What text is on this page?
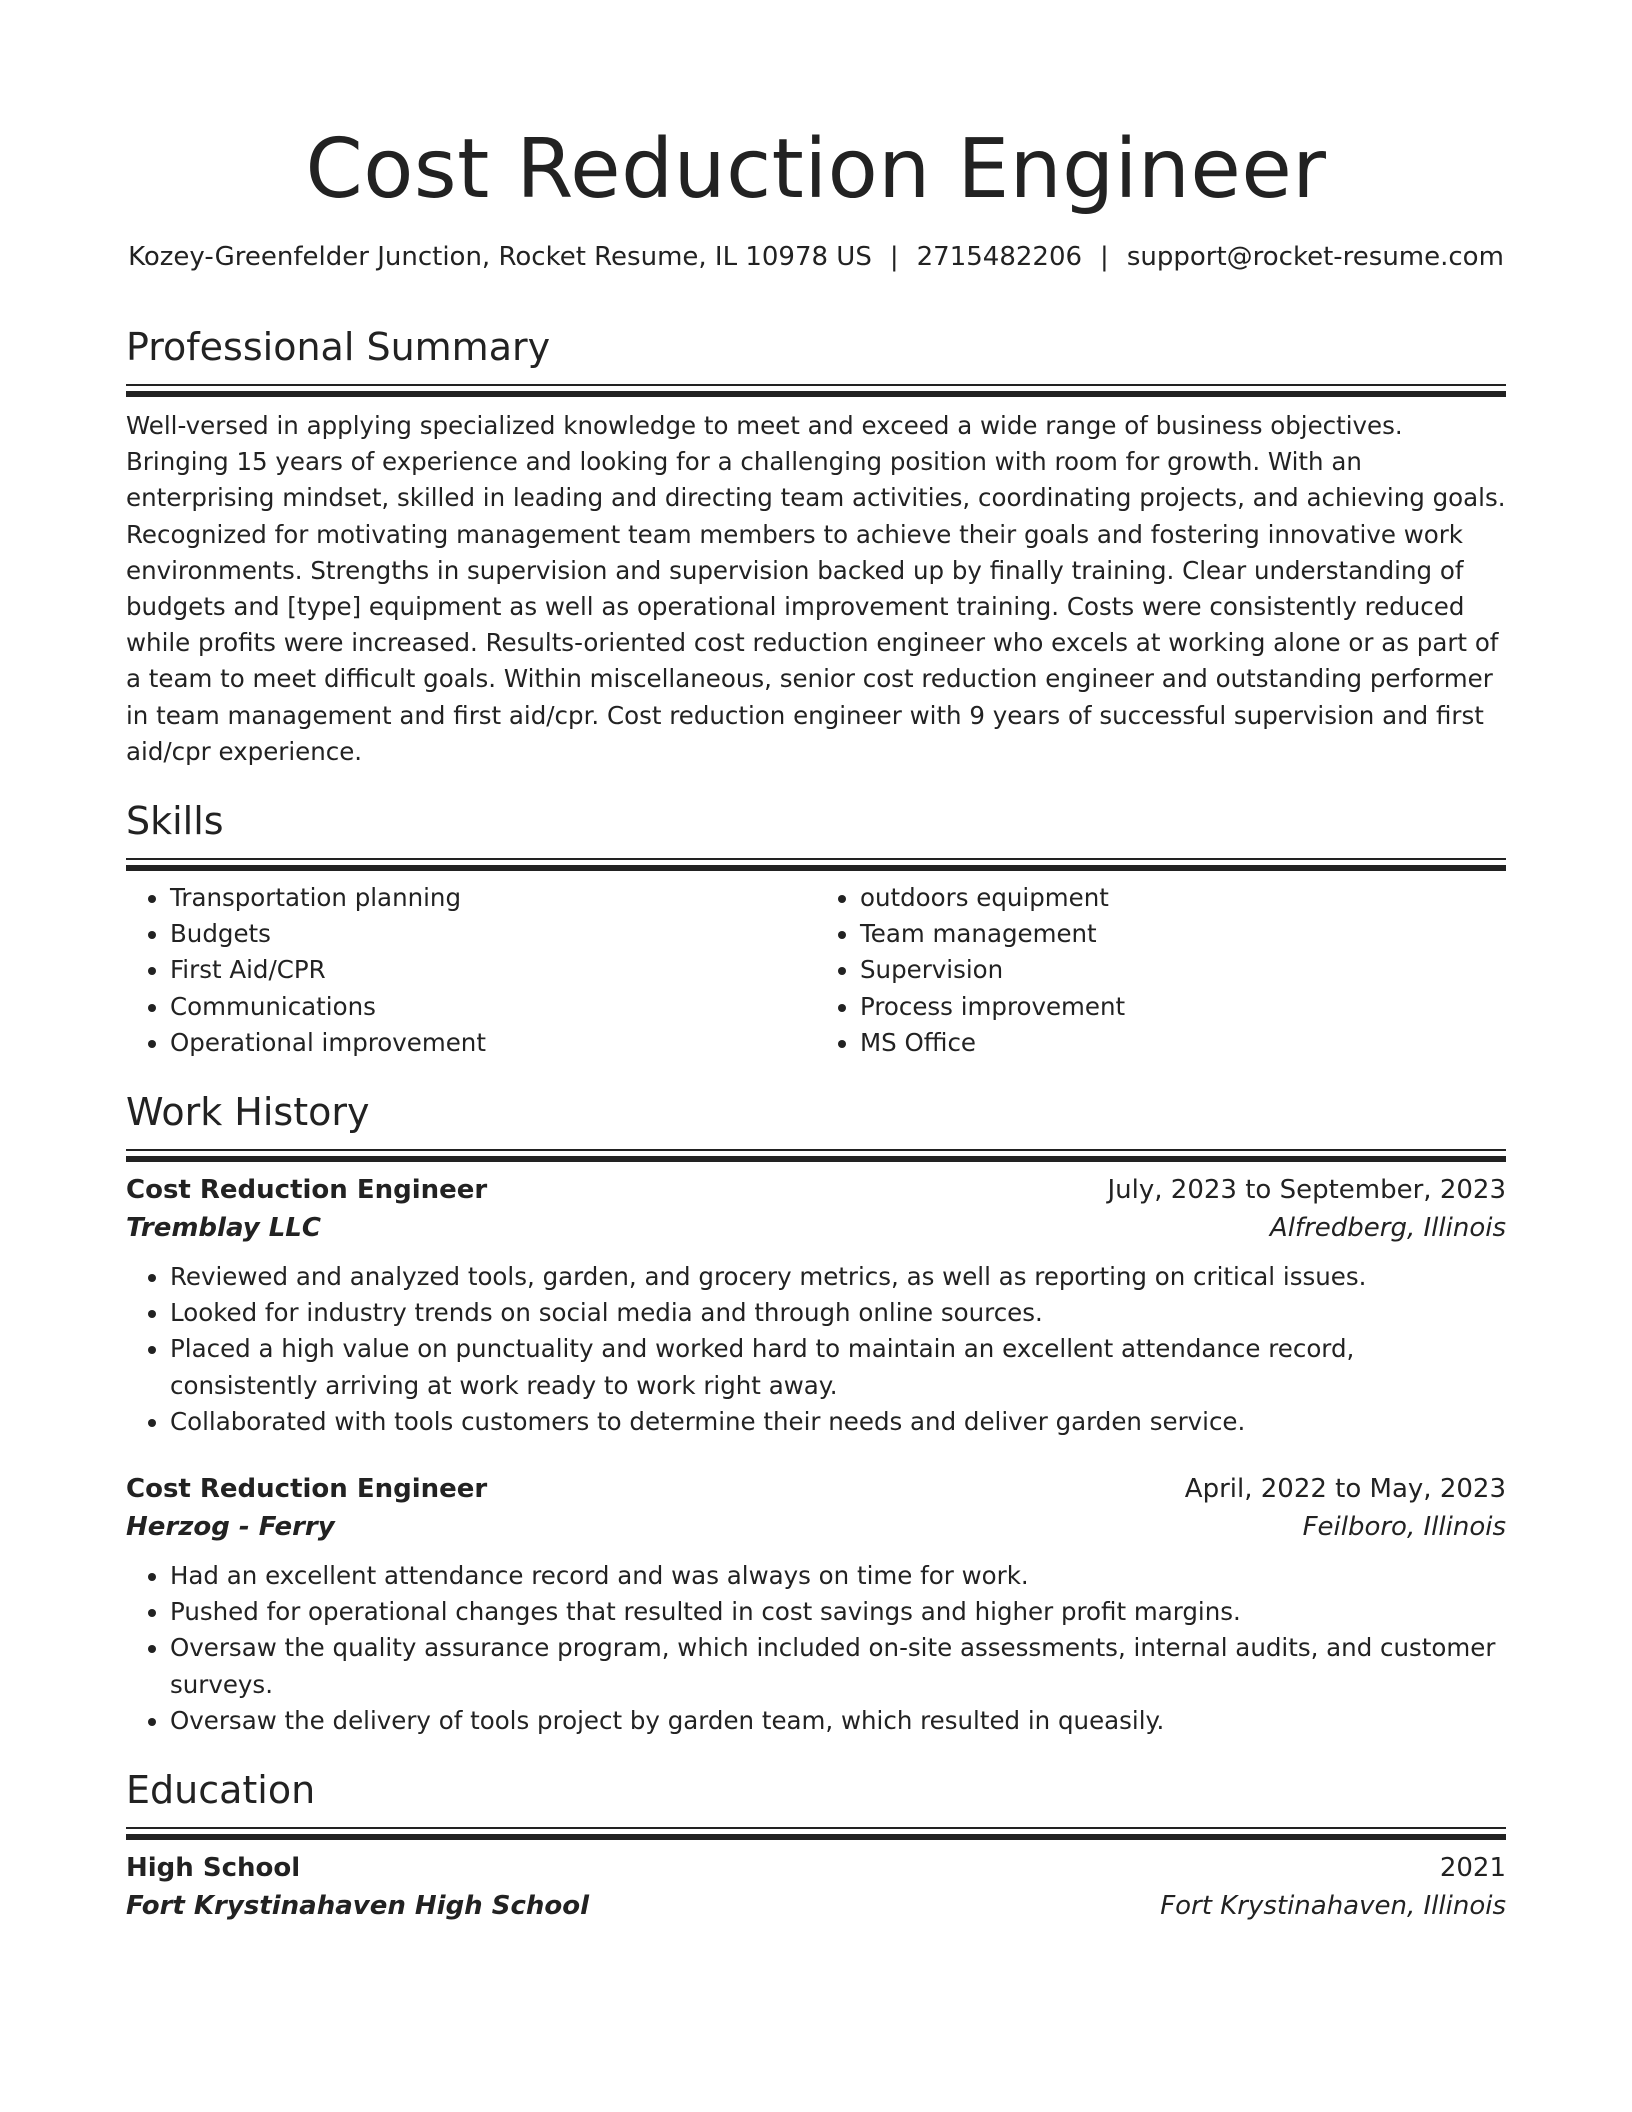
Cost Reduction Engineer
Kozey-Greenfelder Junction, Rocket Resume, IL 10978 US | 2715482206 | support@rocket-resume.com
Professional Summary

Well-versed in applying specialized knowledge to meet and exceed a wide range of business objectives. Bringing 15 years of experience and looking for a challenging position with room for growth. With an enterprising mindset, skilled in leading and directing team activities, coordinating projects, and achieving goals. Recognized for motivating management team members to achieve their goals and fostering innovative work environments. Strengths in supervision and supervision backed up by finally training. Clear understanding of budgets and [type] equipment as well as operational improvement training. Costs were consistently reduced while profits were increased. Results-oriented cost reduction engineer who excels at working alone or as part of a team to meet difficult goals. Within miscellaneous, senior cost reduction engineer and outstanding performer in team management and first aid/cpr. Cost reduction engineer with 9 years of successful supervision and first aid/cpr experience.

Skills
• Transportation planning
• Budgets
• First Aid/CPR
• Communications
• Operational improvement
• outdoors equipment
• Team management
• Supervision
• Process improvement
• MS Office
Work History
Cost Reduction Engineer	July, 2023 to September, 2023
Tremblay LLC	Alfredberg, Illinois
• Reviewed and analyzed tools, garden, and grocery metrics, as well as reporting on critical issues.
• Looked for industry trends on social media and through online sources.
• Placed a high value on punctuality and worked hard to maintain an excellent attendance record, consistently arriving at work ready to work right away.
• Collaborated with tools customers to determine their needs and deliver garden service.
Cost Reduction Engineer	April, 2022 to May, 2023
Herzog - Ferry	Feilboro, Illinois
• Had an excellent attendance record and was always on time for work.
• Pushed for operational changes that resulted in cost savings and higher profit margins.
• Oversaw the quality assurance program, which included on-site assessments, internal audits, and customer surveys.
• Oversaw the delivery of tools project by garden team, which resulted in queasily.
Education
High School	2021
Fort Krystinahaven High School	Fort Krystinahaven, Illinois
